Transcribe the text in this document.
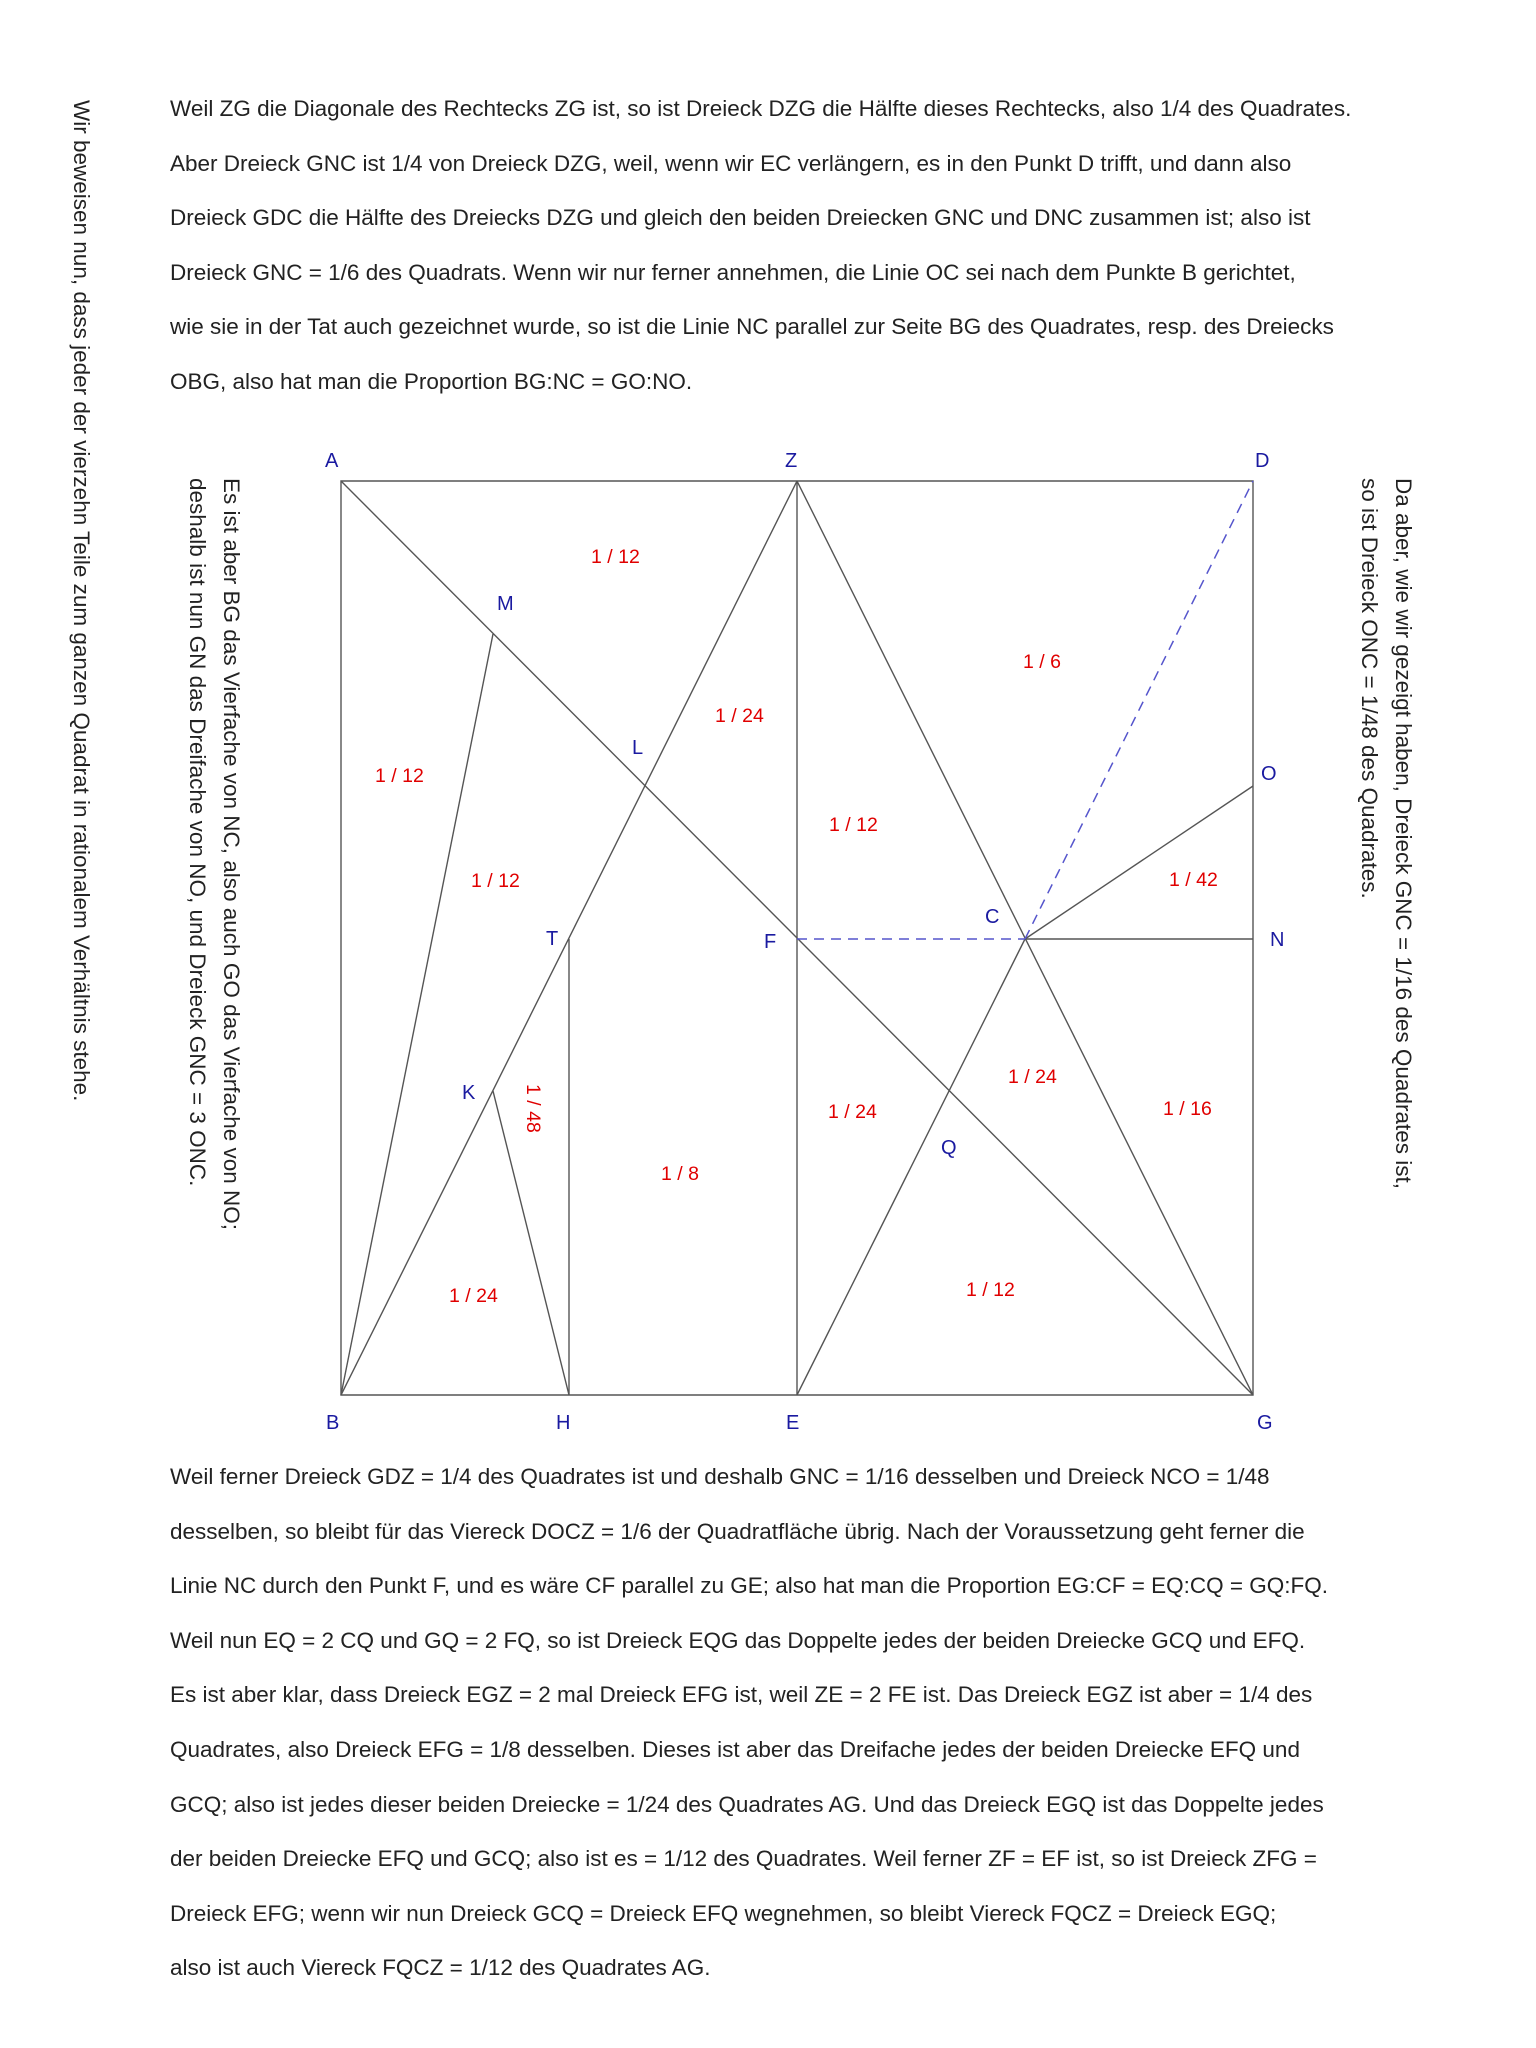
Weil ZG die Diagonale des Rechtecks ZG ist, so ist Dreieck DZG die Hälfte dieses Rechtecks, also 1/4 des Quadrates.
Aber Dreieck GNC ist 1/4 von Dreieck DZG, weil, wenn wir EC verlängern, es in den Punkt D trifft, und dann also
Dreieck GDC die Hälfte des Dreiecks DZG und gleich den beiden Dreiecken GNC und DNC zusammen ist; also ist
Dreieck GNC = 1/6 des Quadrats. Wenn wir nur ferner annehmen, die Linie OC sei nach dem Punkte B gerichtet,
wie sie in der Tat auch gezeichnet wurde, so ist die Linie NC parallel zur Seite BG des Quadrates, resp. des Dreiecks
OBG, also hat man die Proportion BG:NC = GO:NO.
Wir beweisen nun, dass jeder der vierzehn Teile zum ganzen Quadrat in rationalem Verhältnis stehe.	Es ist aber BG das Vierfache von NC, also auch GO das Vierfache von NO;
deshalb ist nun GN das Dreifache von NO, und Dreieck GNC = 3 ONC.	Da aber, wie wir gezeigt haben, Dreieck GNC = 1/16 des Quadrates ist,
so ist Dreieck ONC = 1/48 des Quadrates.
A	Z	D
M
L
O
C
N
T	F
K
Q
B	H	E	G
1 / 12
1 / 6
1 / 24
1 / 12
1 / 12
1 / 12	1 / 42
1 / 48	1 / 24
1 / 24
1 / 16
1 / 8
1 / 24	1 / 12
Weil ferner Dreieck GDZ = 1/4 des Quadrates ist und deshalb GNC = 1/16 desselben und Dreieck NCO = 1/48
desselben, so bleibt für das Viereck DOCZ = 1/6 der Quadratfläche übrig. Nach der Voraussetzung geht ferner die
Linie NC durch den Punkt F, und es wäre CF parallel zu GE; also hat man die Proportion EG:CF = EQ:CQ = GQ:FQ.
Weil nun EQ = 2 CQ und GQ = 2 FQ, so ist Dreieck EQG das Doppelte jedes der beiden Dreiecke GCQ und EFQ.
Es ist aber klar, dass Dreieck EGZ = 2 mal Dreieck EFG ist, weil ZE = 2 FE ist. Das Dreieck EGZ ist aber = 1/4 des
Quadrates, also Dreieck EFG = 1/8 desselben. Dieses ist aber das Dreifache jedes der beiden Dreiecke EFQ und
GCQ; also ist jedes dieser beiden Dreiecke = 1/24 des Quadrates AG. Und das Dreieck EGQ ist das Doppelte jedes
der beiden Dreiecke EFQ und GCQ; also ist es = 1/12 des Quadrates. Weil ferner ZF = EF ist, so ist Dreieck ZFG =
Dreieck EFG; wenn wir nun Dreieck GCQ = Dreieck EFQ wegnehmen, so bleibt Viereck FQCZ = Dreieck EGQ;
also ist auch Viereck FQCZ = 1/12 des Quadrates AG.
